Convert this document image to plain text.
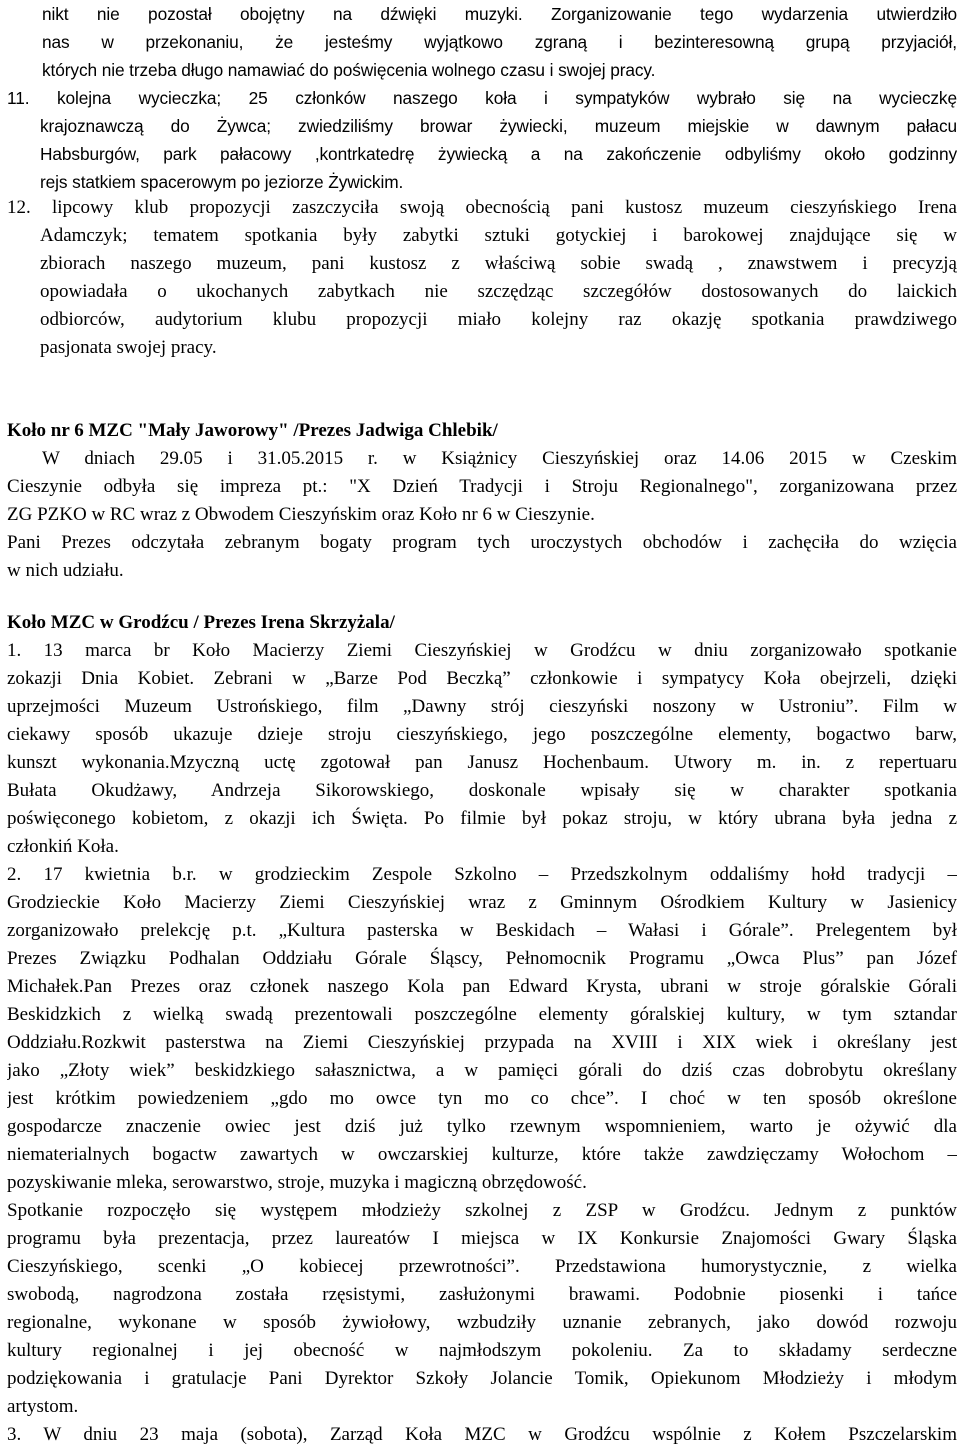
nikt nie pozostał obojętny na dźwięki muzyki. Zorganizowanie tego wydarzenia utwierdziło
nas w przekonaniu, że jesteśmy wyjątkowo zgraną i bezinteresowną grupą przyjaciół,
których nie trzeba długo namawiać do poświęcenia wolnego czasu i swojej pracy.
11. kolejna wycieczka; 25 członków naszego koła i sympatyków wybrało się na wycieczkę
krajoznawczą do Żywca; zwiedziliśmy browar żywiecki, muzeum miejskie w dawnym pałacu
Habsburgów, park pałacowy ,kontrkatedrę żywiecką a na zakończenie odbyliśmy około godzinny
rejs statkiem spacerowym po jeziorze Żywickim.
12. lipcowy klub propozycji zaszczyciła swoją obecnością pani kustosz muzeum cieszyńskiego Irena
Adamczyk; tematem spotkania były zabytki sztuki gotyckiej i barokowej znajdujące się w
zbiorach naszego muzeum, pani kustosz z właściwą sobie swadą , znawstwem i precyzją
opowiadała o ukochanych zabytkach nie szczędząc szczegółów dostosowanych do laickich
odbiorców, audytorium klubu propozycji miało kolejny raz okazję spotkania prawdziwego
pasjonata swojej pracy.
Koło nr 6 MZC "Mały Jaworowy" /Prezes Jadwiga Chlebik/
W dniach 29.05 i 31.05.2015 r. w Książnicy Cieszyńskiej oraz 14.06 2015 w Czeskim
Cieszynie odbyła się impreza pt.: "X Dzień Tradycji i Stroju Regionalnego", zorganizowana przez
ZG PZKO w RC wraz z Obwodem Cieszyńskim oraz Koło nr 6 w Cieszynie.
Pani Prezes odczytała zebranym bogaty program tych uroczystych obchodów i zachęciła do wzięcia
w nich udziału.
Koło MZC w Grodźcu / Prezes Irena Skrzyżala/
1. 13 marca br Koło Macierzy Ziemi Cieszyńskiej w Grodźcu w dniu zorganizowało spotkanie
zokazji Dnia Kobiet. Zebrani w „Barze Pod Beczką” członkowie i sympatycy Koła obejrzeli, dzięki
uprzejmości Muzeum Ustrońskiego, film „Dawny strój cieszyński noszony w Ustroniu”. Film w
ciekawy sposób ukazuje dzieje stroju cieszyńskiego, jego poszczególne elementy, bogactwo barw,
kunszt wykonania.Mzyczną uctę zgotował pan Janusz Hochenbaum. Utwory m. in. z repertuaru
Bułata Okudżawy, Andrzeja Sikorowskiego, doskonale wpisały się w charakter spotkania
poświęconego kobietom, z okazji ich Święta. Po filmie był pokaz stroju, w który ubrana była jedna z
członkiń Koła.
2. 17 kwietnia b.r. w grodzieckim Zespole Szkolno – Przedszkolnym oddaliśmy hołd tradycji –
Grodzieckie Koło Macierzy Ziemi Cieszyńskiej wraz z Gminnym Ośrodkiem Kultury w Jasienicy
zorganizowało prelekcję p.t. „Kultura pasterska w Beskidach – Wałasi i Górale”. Prelegentem był
Prezes Związku Podhalan Oddziału Górale Śląscy, Pełnomocnik Programu „Owca Plus” pan Józef
Michałek.Pan Prezes oraz członek naszego Kola pan Edward Krysta, ubrani w stroje góralskie Górali
Beskidzkich z wielką swadą prezentowali poszczególne elementy góralskiej kultury, w tym sztandar
Oddziału.Rozkwit pasterstwa na Ziemi Cieszyńskiej przypada na XVIII i XIX wiek i określany jest
jako „Złoty wiek” beskidzkiego sałasznictwa, a w pamięci górali do dziś czas dobrobytu określany
jest krótkim powiedzeniem „gdo mo owce tyn mo co chce”. I choć w ten sposób określone
gospodarcze znaczenie owiec jest dziś już tylko rzewnym wspomnieniem, warto je ożywić dla
niematerialnych bogactw zawartych w owczarskiej kulturze, które także zawdzięczamy Wołochom –
pozyskiwanie mleka, serowarstwo, stroje, muzyka i magiczną obrzędowość.
Spotkanie rozpoczęło się występem młodzieży szkolnej z ZSP w Grodźcu. Jednym z punktów
programu była prezentacja, przez laureatów I miejsca w IX Konkursie Znajomości Gwary Śląska
Cieszyńskiego, scenki „O kobiecej przewrotności”. Przedstawiona humorystycznie, z wielka
swobodą, nagrodzona została rzęsistymi, zasłużonymi brawami. Podobnie piosenki i tańce
regionalne, wykonane w sposób żywiołowy, wzbudziły uznanie zebranych, jako dowód rozwoju
kultury regionalnej i jej obecność w najmłodszym pokoleniu. Za to składamy serdeczne
podziękowania i gratulacje Pani Dyrektor Szkoły Jolancie Tomik, Opiekunom Młodzieży i młodym
artystom.
3. W dniu 23 maja (sobota), Zarząd Koła MZC w Grodźcu wspólnie z Kołem Pszczelarskim
